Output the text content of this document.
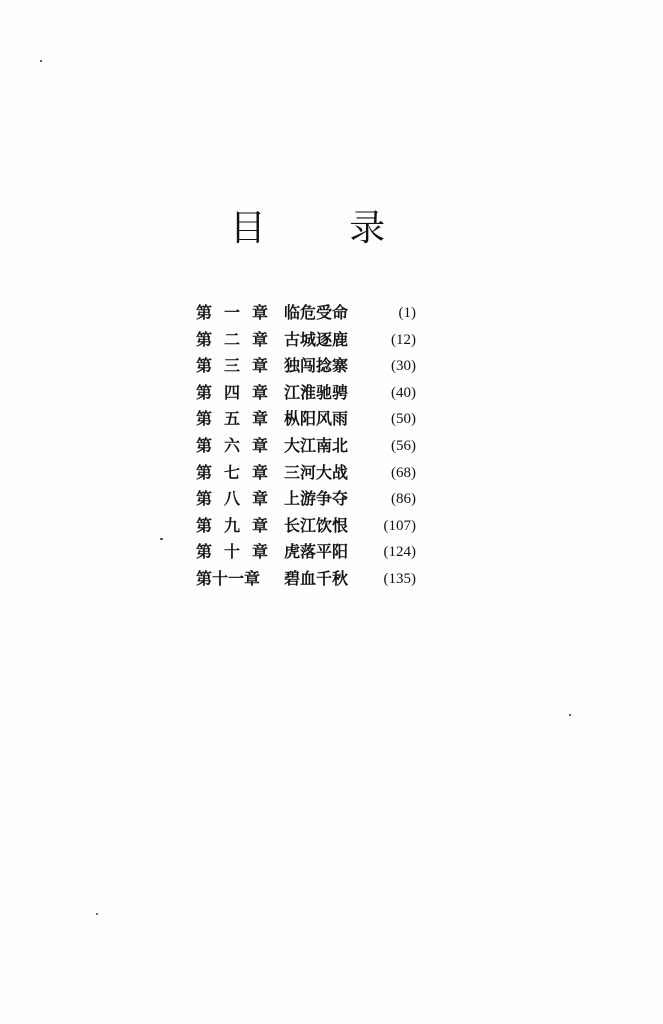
目 录
第 一 章 临危受命	(1)
第 二 章 古城逐鹿	(12)
第 三 章 独闯捻寨	(30)
第 四 章 江淮驰骋	(40)
第 五 章 枞阳风雨	(50)
第 六 章 大江南北	(56)
第 七 章 三河大战	(68)
第 八 章 上游争夺	(86)
第 九 章 长江饮恨 (107)
第 十 章 虎落平阳 (124)
第十一章 碧血千秋 (135)
